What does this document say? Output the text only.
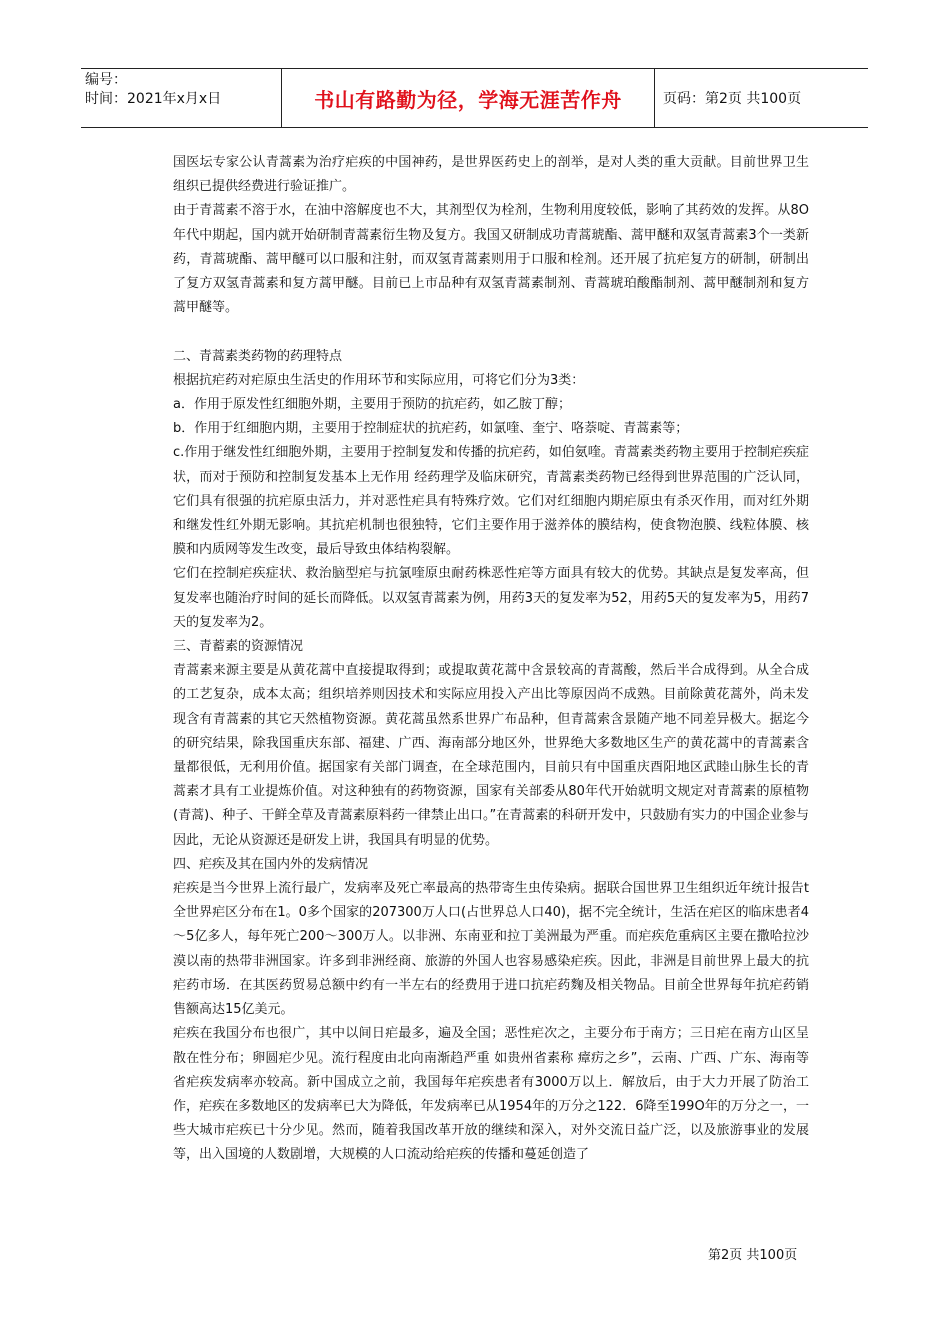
编号：
时间：2021年x月x日	书山有路勤为径，学海无涯苦作舟	页码：第2页 共100页

国医坛专家公认青蒿素为治疗疟疾的中国神药，是世界医药史上的剖举，是对人类的重大贡献。目前世界卫生组织已提供经费进行验证推广。

由于青蒿素不溶于水，在油中溶解度也不大，其剂型仅为栓剂，生物利用度较低，影响了其药效的发挥。从8O年代中期起，国内就开始研制青蒿素衍生物及复方。我国又研制成功青蒿琥酯、蒿甲醚和双氢青蒿素3个一类新药，青蒿琥酯、蒿甲醚可以口服和注射，而双氢青蒿素则用于口服和栓剂。还开展了抗疟复方的研制，研制出了复方双氢青蒿素和复方蒿甲醚。目前已上市品种有双氢青蒿素制剂、青蒿琥珀酸酯制剂、蒿甲醚制剂和复方蒿甲醚等。

二、青蒿素类药物的药理特点

根据抗疟药对疟原虫生活史的作用环节和实际应用，可将它们分为3类：

a．作用于原发性红细胞外期，主要用于预防的抗疟药，如乙胺丁醇；

b．作用于红细胞内期，主要用于控制症状的抗疟药，如氯喹、奎宁、咯萘啶、青蒿素等；

c.作用于继发性红细胞外期，主要用于控制复发和传播的抗疟药，如伯氨喹。青蒿素类药物主要用于控制疟疾症状，而对于预防和控制复发基本上无作用 经药理学及临床研究，青蒿素类药物已经得到世界范围的广泛认同，它们具有很强的抗疟原虫活力，并对恶性疟具有特殊疗效。它们对红细胞内期疟原虫有杀灭作用，而对红外期和继发性红外期无影响。其抗疟机制也很独特，它们主要作用于滋养体的膜结构，使食物泡膜、线粒体膜、核膜和内质网等发生改变，最后导致虫体结构裂解。

它们在控制疟疾症状、救治脑型疟与抗氯喹原虫耐药株恶性疟等方面具有较大的优势。其缺点是复发率高，但复发率也随治疗时间的延长而降低。以双氢青蒿素为例，用药3天的复发率为52，用药5天的复发率为5，用药7天的复发率为2。

三、青蓄素的资源情况

青蒿素来源主要是从黄花蒿中直接提取得到；或提取黄花蒿中含景较高的青蒿酸，然后半合成得到。从全合成的工艺复杂，成本太高；组织培养则因技术和实际应用投入产出比等原因尚不成熟。目前除黄花蒿外，尚未发现含有青蒿素的其它天然植物资源。黄花蒿虽然系世界广布品种，但青蒿索含景随产地不同差异极大。据迄今的研究结果，除我国重庆东部、福建、广西、海南部分地区外，世界绝大多数地区生产的黄花蒿中的青蒿素含量都很低，无利用价值。据国家有关部门调查，在全球范围内，目前只有中国重庆酉阳地区武睦山脉生长的青蒿素才具有工业提炼价值。对这种独有的药物资源，国家有关部委从80年代开始就明文规定对青蒿素的原植物(青蒿)、种子、干鲜全草及青蒿素原料药一律禁止出口。”在青蒿素的科研开发中，只鼓励有实力的中国企业参与 因此，无论从资源还是研发上讲，我国具有明显的优势。

四、疟疾及其在国内外的发病情况

疟疾是当今世界上流行最广，发病率及死亡率最高的热带寄生虫传染病。据联合国世界卫生组织近年统计报告t全世界疟区分布在1。0多个国家的207300万人口(占世界总人口40)，据不完全统计，生活在疟区的临床患者4～5亿多人，每年死亡200～300万人。以非洲、东南亚和拉丁美洲最为严重。而疟疾危重病区主要在撒哈拉沙漠以南的热带非洲国家。许多到非洲经商、旅游的外国人也容易感染疟疾。因此，非洲是目前世界上最大的抗疟药市场．在其医药贸易总额中约有一半左右的经费用于进口抗疟药麴及相关物品。目前全世界每年抗疟药销售额高达15亿美元。

疟疾在我国分布也很广，其中以间日疟最多，遍及全国；恶性疟次之，主要分布于南方；三日疟在南方山区呈散在性分布；卵圆疟少见。流行程度由北向南渐趋严重 如贵州省素称 瘴疠之乡”，云南、广西、广东、海南等省疟疾发病率亦较高。新中国成立之前，我国每年疟疾患者有3000万以上．解放后，由于大力开展了防治工作，疟疾在多数地区的发病率已大为降低，年发病率已从1954年的万分之122．6降至199O年的万分之一，一些大城市疟疾已十分少见。然而，随着我国改革开放的继续和深入，对外交流日益广泛，以及旅游事业的发展等，出入国境的人数剧增，大规模的人口流动给疟疾的传播和蔓延创造了

第2页 共100页
